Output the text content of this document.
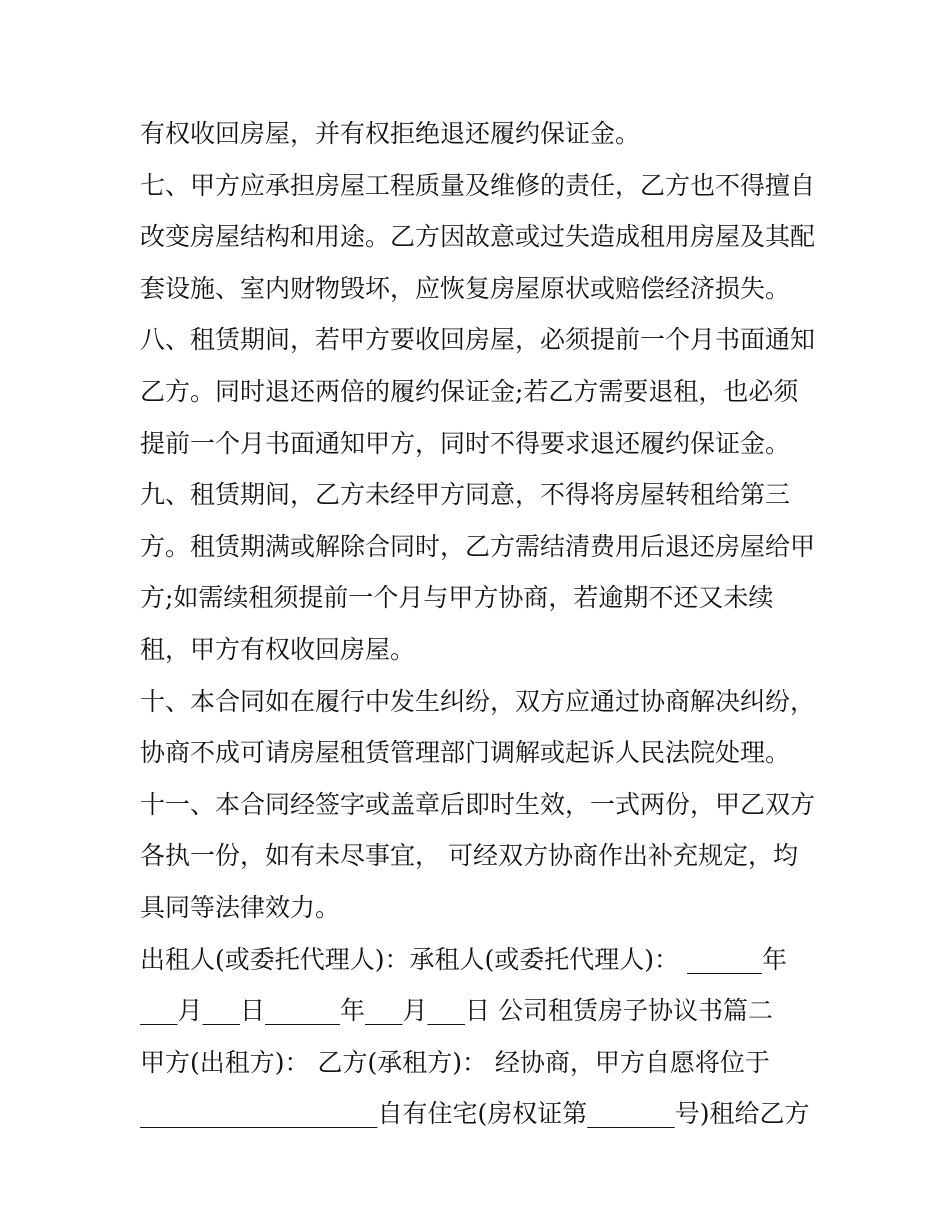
有权收回房屋，并有权拒绝退还履约保证金。
七、甲方应承担房屋工程质量及维修的责任，乙方也不得擅自
改变房屋结构和用途。乙方因故意或过失造成租用房屋及其配
套设施、室内财物毁坏，应恢复房屋原状或赔偿经济损失。
八、租赁期间，若甲方要收回房屋，必须提前一个月书面通知
乙方。同时退还两倍的履约保证金;若乙方需要退租，也必须
提前一个月书面通知甲方，同时不得要求退还履约保证金。
九、租赁期间，乙方未经甲方同意，不得将房屋转租给第三
方。租赁期满或解除合同时，乙方需结清费用后退还房屋给甲
方;如需续租须提前一个月与甲方协商，若逾期不还又未续
租，甲方有权收回房屋。
十、本合同如在履行中发生纠纷，双方应通过协商解决纠纷，
协商不成可请房屋租赁管理部门调解或起诉人民法院处理。
十一、本合同经签字或盖章后即时生效，一式两份，甲乙双方
各执一份，如有未尽事宜， 可经双方协商作出补充规定，均
具同等法律效力。
出租人(或委托代理人)：承租人(或委托代理人)： ______年
___月___日______年___月___日 公司租赁房子协议书篇二
甲方(出租方)： 乙方(承租方)： 经协商，甲方自愿将位于
___________________自有住宅(房权证第_______号)租给乙方
